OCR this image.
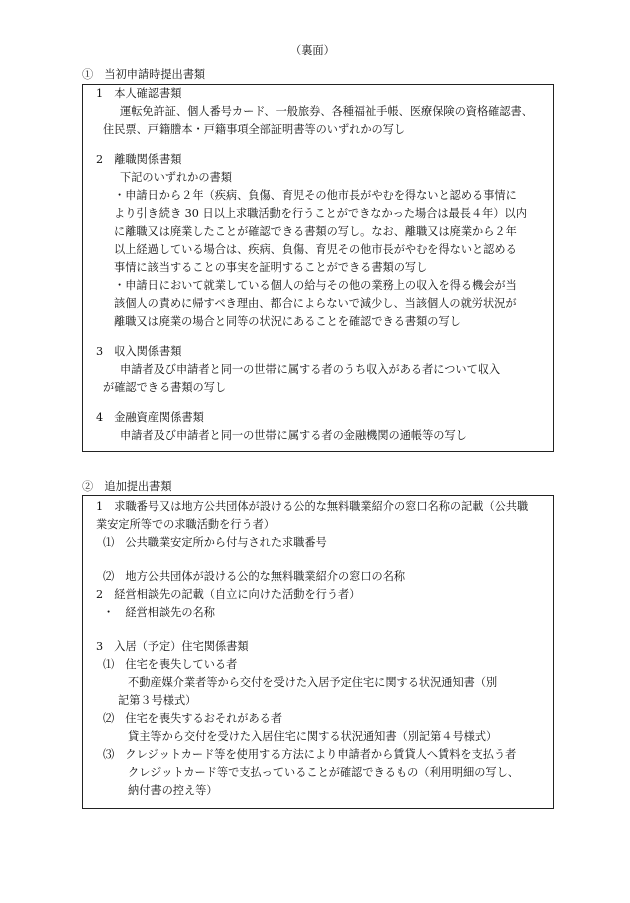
（裏面）
①　当初申請時提出書類
1　本人確認書類
運転免許証、個人番号カード、一般旅券、各種福祉手帳、医療保険の資格確認書、
住民票、戸籍謄本・戸籍事項全部証明書等のいずれかの写し
2　離職関係書類
下記のいずれかの書類
・申請日から２年（疾病、負傷、育児その他市長がやむを得ないと認める事情に
より引き続き 30 日以上求職活動を行うことができなかった場合は最長４年）以内
に離職又は廃業したことが確認できる書類の写し。なお、離職又は廃業から２年
以上経過している場合は、疾病、負傷、育児その他市長がやむを得ないと認める
事情に該当することの事実を証明することができる書類の写し
・申請日において就業している個人の給与その他の業務上の収入を得る機会が当
該個人の責めに帰すべき理由、都合によらないで減少し、当該個人の就労状況が
離職又は廃業の場合と同等の状況にあることを確認できる書類の写し
3　収入関係書類
申請者及び申請者と同一の世帯に属する者のうち収入がある者について収入
が確認できる書類の写し
4　金融資産関係書類
申請者及び申請者と同一の世帯に属する者の金融機関の通帳等の写し
②　追加提出書類
1　求職番号又は地方公共団体が設ける公的な無料職業紹介の窓口名称の記載（公共職
業安定所等での求職活動を行う者）
⑴　公共職業安定所から付与された求職番号
⑵　地方公共団体が設ける公的な無料職業紹介の窓口の名称
2　経営相談先の記載（自立に向けた活動を行う者）
・　経営相談先の名称
3　入居（予定）住宅関係書類
⑴　住宅を喪失している者
不動産媒介業者等から交付を受けた入居予定住宅に関する状況通知書（別
記第３号様式）
⑵　住宅を喪失するおそれがある者
貸主等から交付を受けた入居住宅に関する状況通知書（別記第４号様式）
⑶　クレジットカード等を使用する方法により申請者から賃貸人へ賃料を支払う者
クレジットカード等で支払っていることが確認できるもの（利用明細の写し、
納付書の控え等）
